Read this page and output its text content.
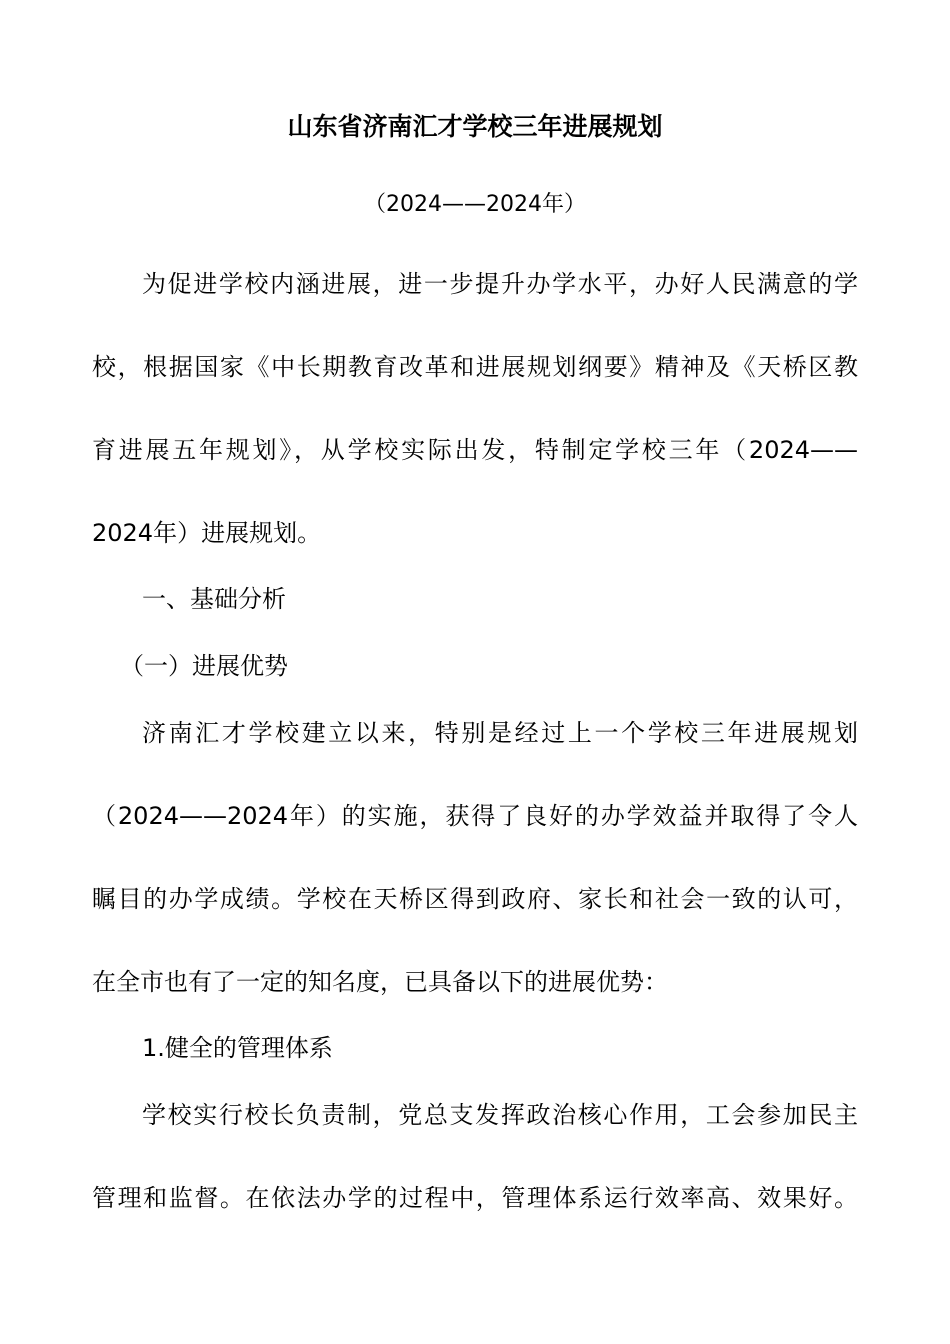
山东省济南汇才学校三年进展规划
（2024——2024年）
为促进学校内涵进展，进一步提升办学水平，办好人民满意的学
校，根据国家《中长期教育改革和进展规划纲要》精神及《天桥区教
育进展五年规划》，从学校实际出发，特制定学校三年（2024——
2024年）进展规划。
一、基础分析
（一）进展优势
济南汇才学校建立以来，特别是经过上一个学校三年进展规划
（2024——2024年）的实施，获得了良好的办学效益并取得了令人
瞩目的办学成绩。学校在天桥区得到政府、家长和社会一致的认可，
在全市也有了一定的知名度，已具备以下的进展优势：
1.健全的管理体系
学校实行校长负责制，党总支发挥政治核心作用，工会参加民主
管理和监督。在依法办学的过程中，管理体系运行效率高、效果好。
